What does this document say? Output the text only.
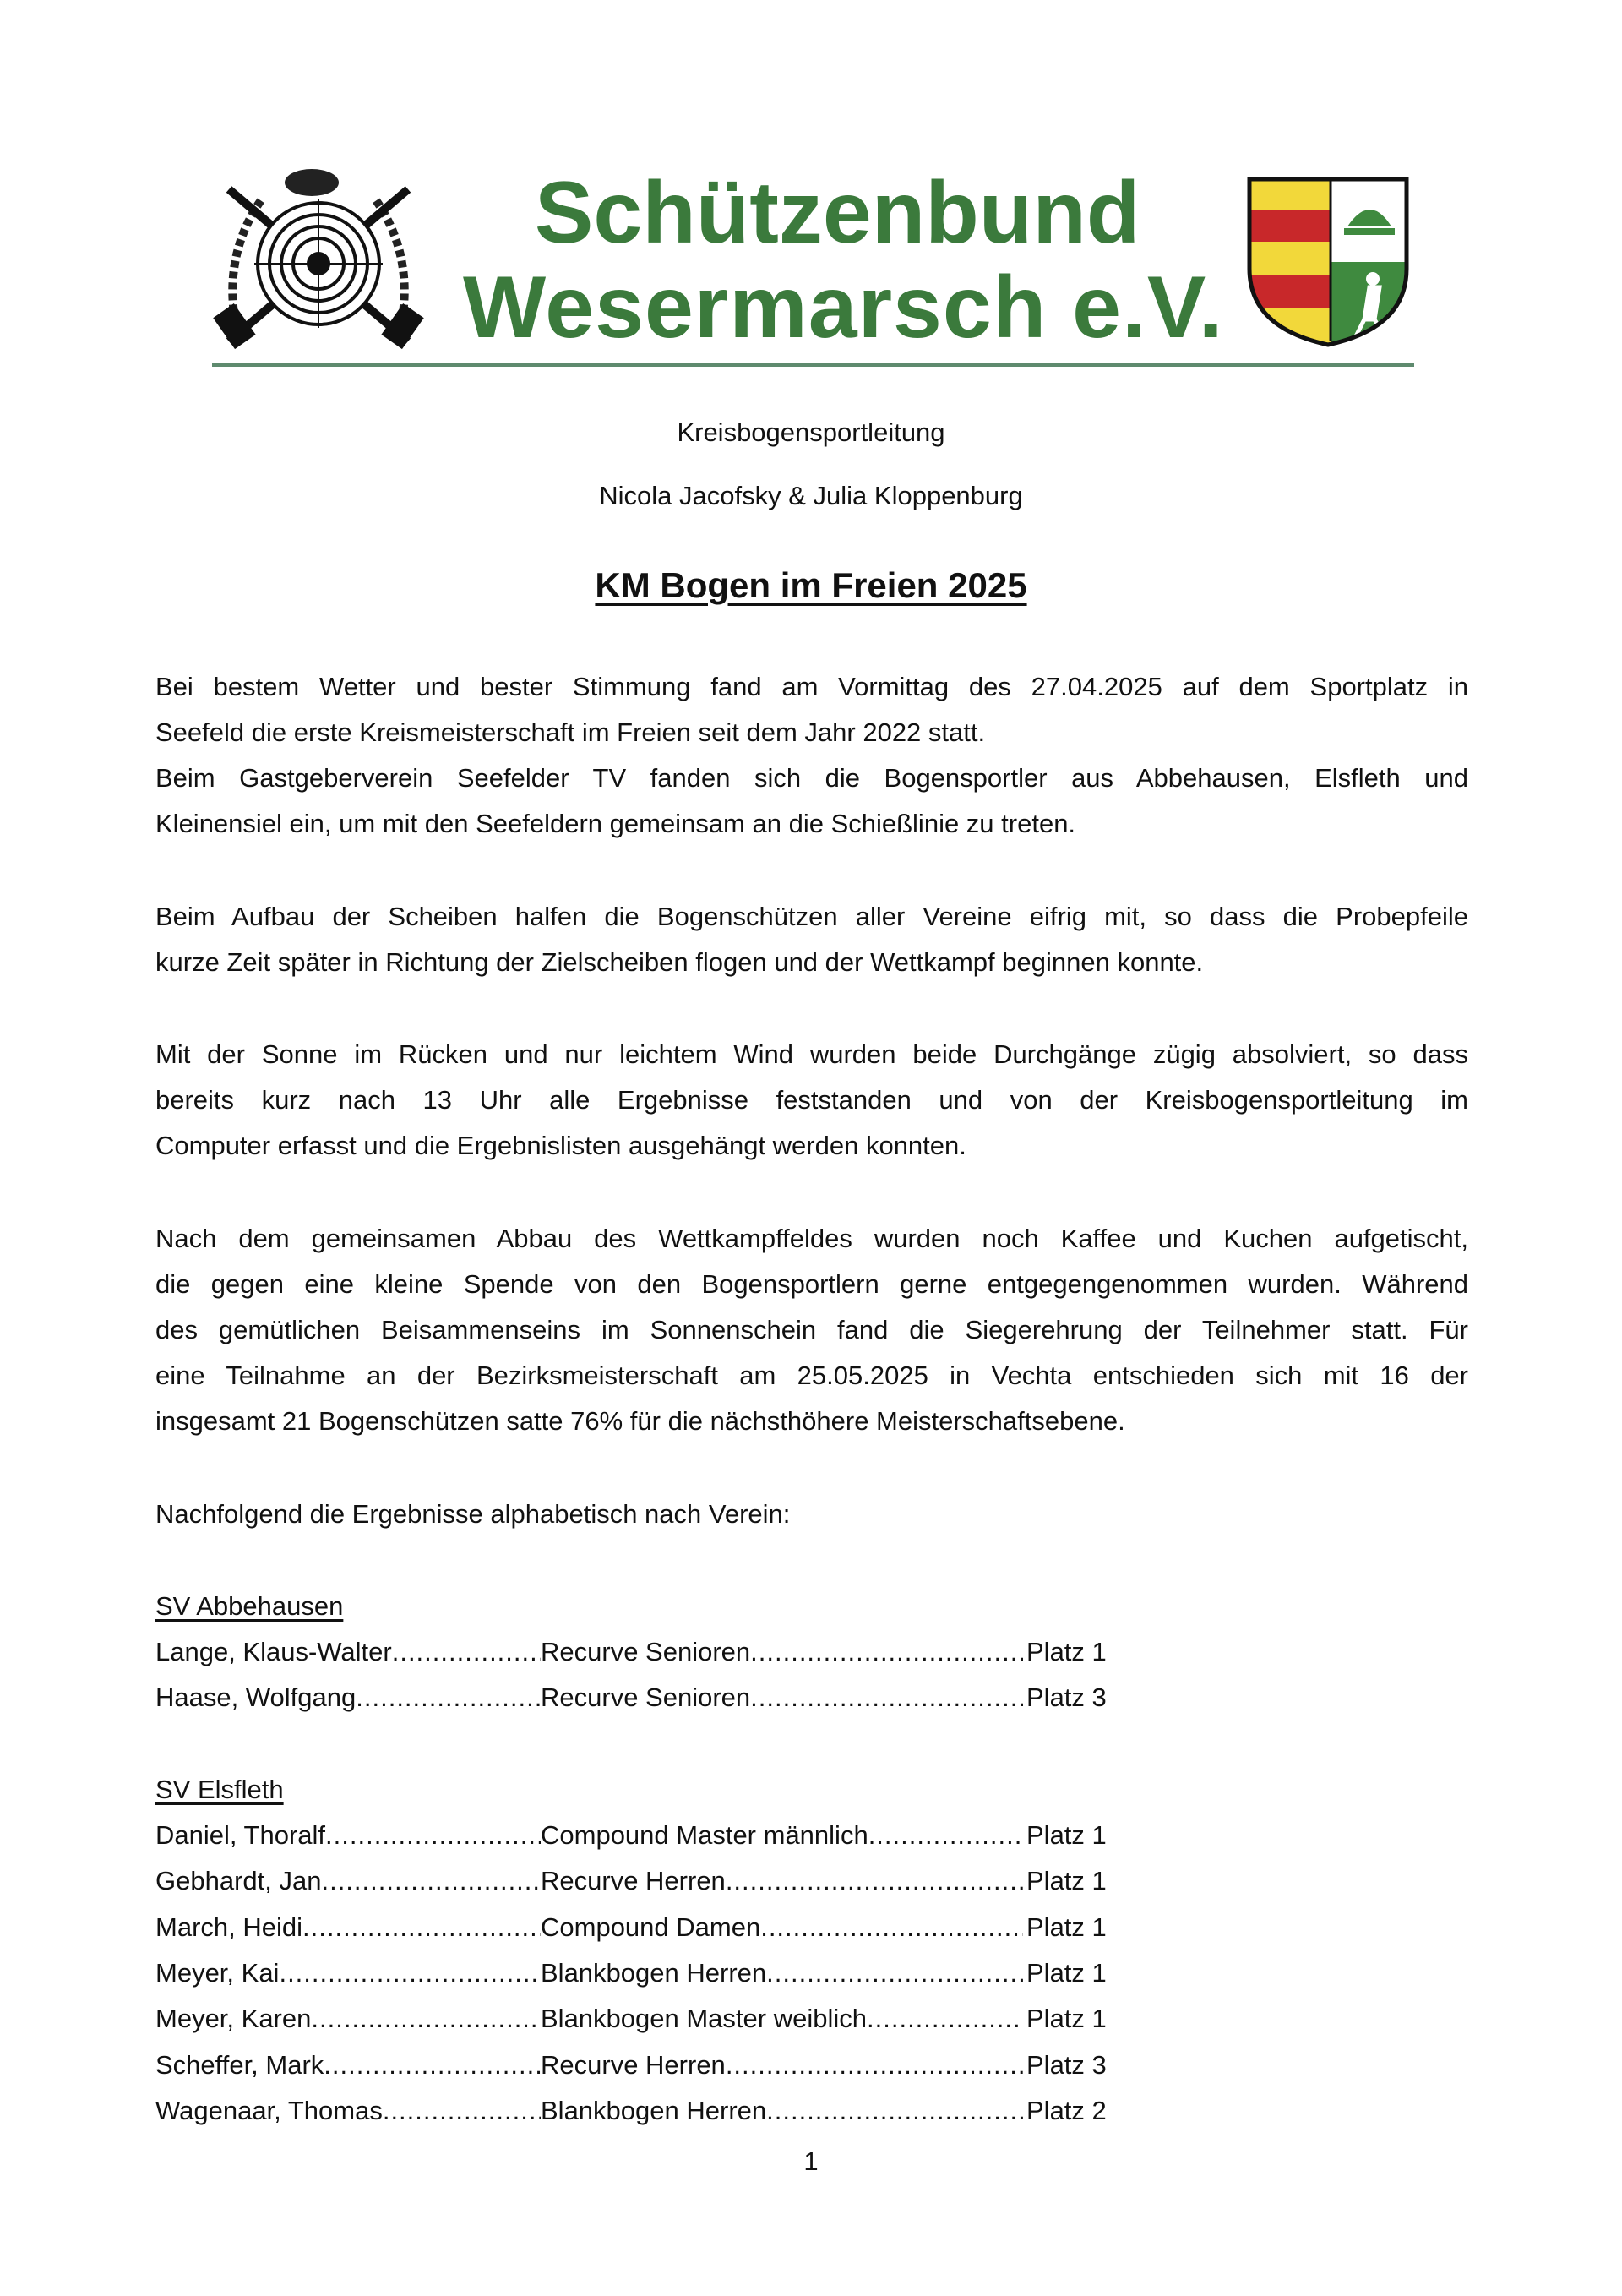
Schützenbund
Wesermarsch e.V.
Kreisbogensportleitung
Nicola Jacofsky & Julia Kloppenburg
KM Bogen im Freien 2025
Bei bestem Wetter und bester Stimmung fand am Vormittag des 27.04.2025 auf dem Sportplatz in
Seefeld die erste Kreismeisterschaft im Freien seit dem Jahr 2022 statt.
Beim Gastgeberverein Seefelder TV fanden sich die Bogensportler aus Abbehausen, Elsfleth und
Kleinensiel ein, um mit den Seefeldern gemeinsam an die Schießlinie zu treten.
Beim Aufbau der Scheiben halfen die Bogenschützen aller Vereine eifrig mit, so dass die Probepfeile
kurze Zeit später in Richtung der Zielscheiben flogen und der Wettkampf beginnen konnte.
Mit der Sonne im Rücken und nur leichtem Wind wurden beide Durchgänge zügig absolviert, so dass
bereits kurz nach 13 Uhr alle Ergebnisse feststanden und von der Kreisbogensportleitung im
Computer erfasst und die Ergebnislisten ausgehängt werden konnten.
Nach dem gemeinsamen Abbau des Wettkampffeldes wurden noch Kaffee und Kuchen aufgetischt,
die gegen eine kleine Spende von den Bogensportlern gerne entgegengenommen wurden. Während
des gemütlichen Beisammenseins im Sonnenschein fand die Siegerehrung der Teilnehmer statt. Für
eine Teilnahme an der Bezirksmeisterschaft am 25.05.2025 in Vechta entschieden sich mit 16 der
insgesamt 21 Bogenschützen satte 76% für die nächsthöhere Meisterschaftsebene.
Nachfolgend die Ergebnisse alphabetisch nach Verein:
SV Abbehausen
Lange, Klaus-Walter .....	Recurve Senioren .....	Platz 1
Haase, Wolfgang .....	Recurve Senioren .....	Platz 3
SV Elsfleth
Daniel, Thoralf .....	Compound Master männlich .....	Platz 1
Gebhardt, Jan .....	Recurve Herren .....	Platz 1
March, Heidi .....	Compound Damen .....	Platz 1
Meyer, Kai .....	Blankbogen Herren .....	Platz 1
Meyer, Karen .....	Blankbogen Master weiblich .....	Platz 1
Scheffer, Mark .....	Recurve Herren .....	Platz 3
Wagenaar, Thomas .....	Blankbogen Herren .....	Platz 2
1
